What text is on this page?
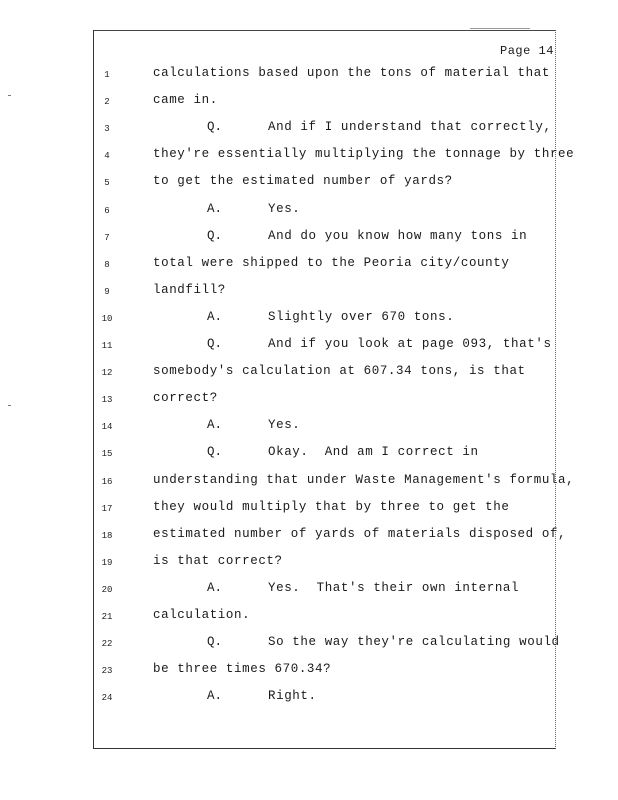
Page 14
1	calculations based upon the tons of material that
2	came in.
3	Q.	And if I understand that correctly,
4	they're essentially multiplying the tonnage by three
5	to get the estimated number of yards?
6	A.	Yes.
7	Q.	And do you know how many tons in
8	total were shipped to the Peoria city/county
9	landfill?
10	A.	Slightly over 670 tons.
11	Q.	And if you look at page 093, that's
12	somebody's calculation at 607.34 tons, is that
13	correct?
14	A.	Yes.
15	Q.	Okay.  And am I correct in
16	understanding that under Waste Management's formula,
17	they would multiply that by three to get the
18	estimated number of yards of materials disposed of,
19	is that correct?
20	A.	Yes.  That's their own internal
21	calculation.
22	Q.	So the way they're calculating would
23	be three times 670.34?
24	A.	Right.
